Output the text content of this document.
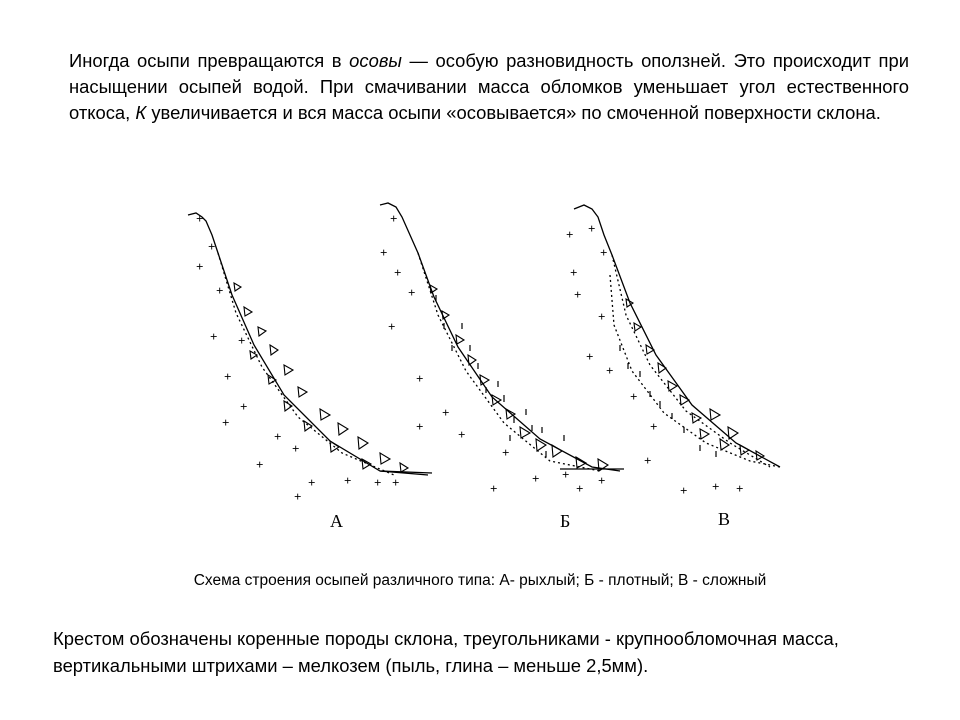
Иногда осыпи превращаются в осовы — особую разновидность оползней. Это происходит при насыщении осыпей водой. При смачивании масса обломков уменьшает угол естественного откоса, К увеличивается и вся масса осыпи «осовывается» по смоченной поверхности склона.

+
+
+
+
+ +
+
+
+
+
+
+
+
+
+ + +
А
+
+
+
+
+
+
+
+
+
+
+
+ +
+
+
Б
+ +
+
+
+
+
+
+
+
+
+
+ + +
В
Схема строения осыпей различного типа: А- рыхлый; Б - плотный; В - сложный

Крестом обозначены коренные породы склона, треугольниками - крупнообломочная масса, вертикальными штрихами – мелкозем (пыль, глина – меньше 2,5мм).
